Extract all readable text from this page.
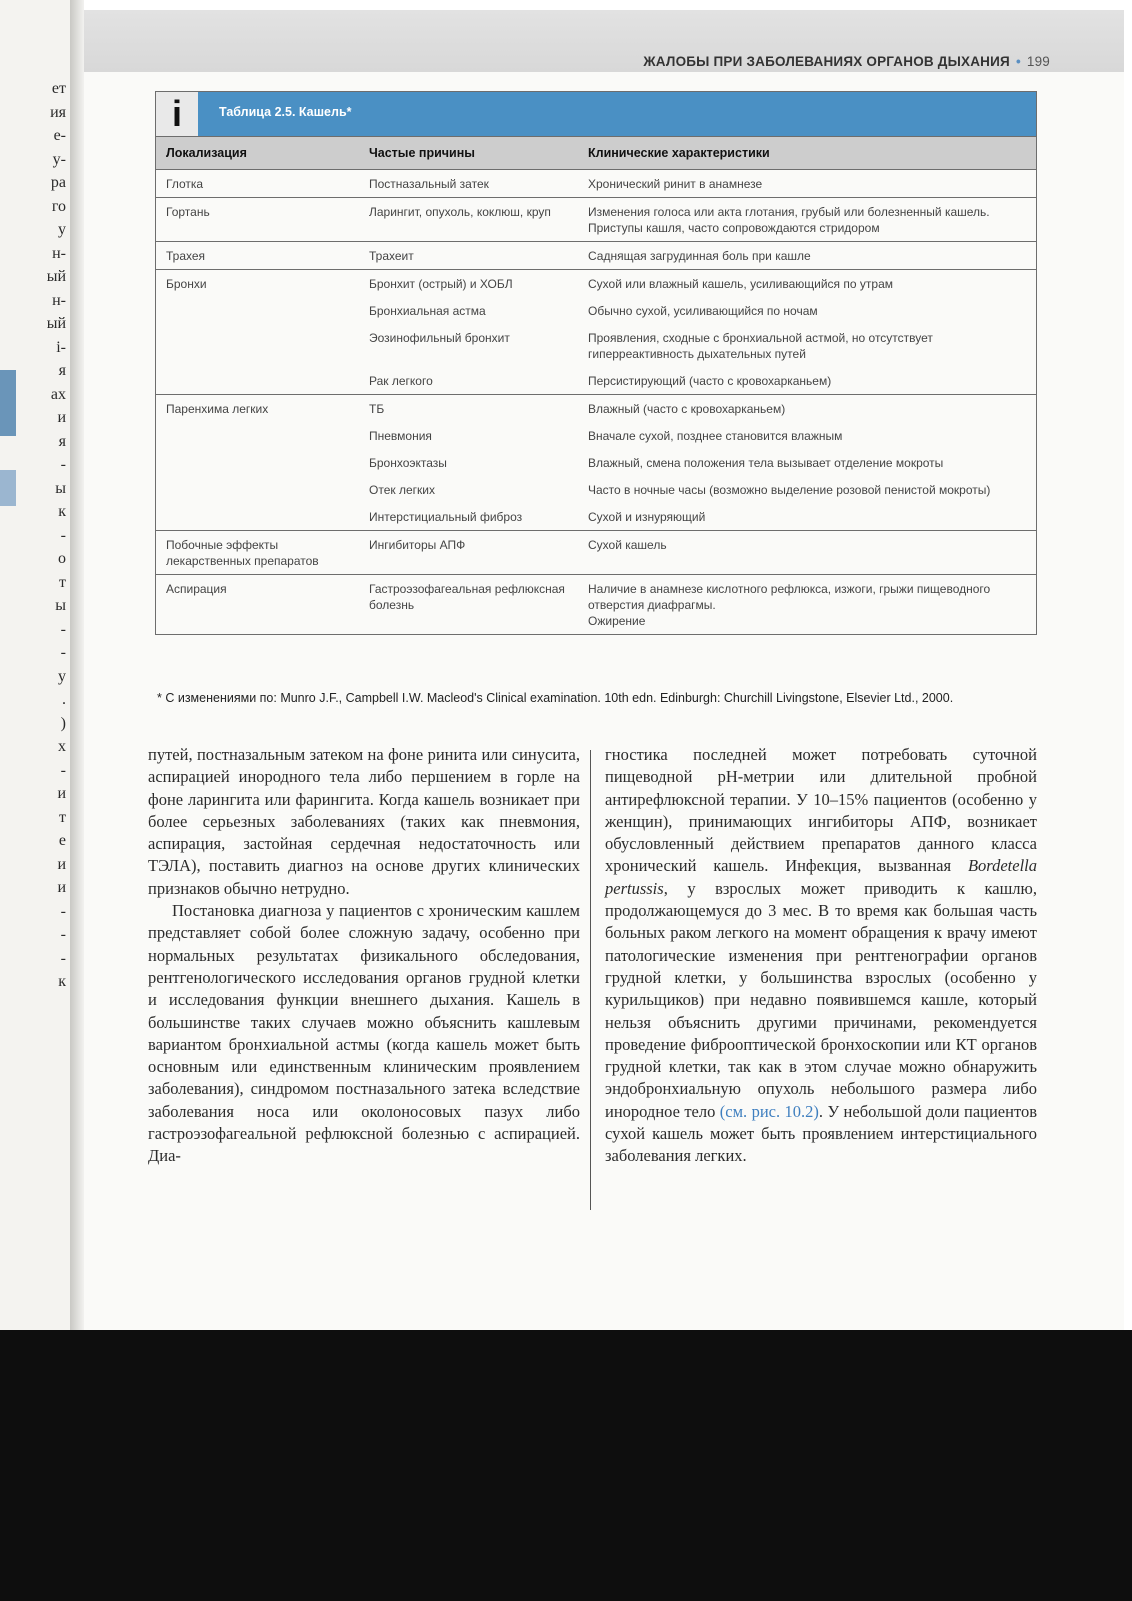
ет
ия
е-
у-
ра
го
у
н-
ый
н-
ый
і-
я
ах
и
я
-
ы
к
-
о
т
ы
-
-
у
.
)
х
-
и
т
е
и
и
-
-
-
к
ЖАЛОБЫ ПРИ ЗАБОЛЕВАНИЯХ ОРГАНОВ ДЫХАНИЯ • 199
i	Таблица 2.5. Кашель*
Локализация	Частые причины	Клинические характеристики
Глотка	Постназальный затек	Хронический ринит в анамнезе
Гортань	Ларингит, опухоль, коклюш, круп	Изменения голоса или акта глотания, грубый или болезненный кашель. Приступы кашля, часто сопровождаются стридором
Трахея	Трахеит	Саднящая загрудинная боль при кашле
Бронхи	Бронхит (острый) и ХОБЛ	Сухой или влажный кашель, усиливающийся по утрам
	Бронхиальная астма	Обычно сухой, усиливающийся по ночам
	Эозинофильный бронхит	Проявления, сходные с бронхиальной астмой, но отсутствует гиперреактивность дыхательных путей
	Рак легкого	Персистирующий (часто с кровохарканьем)
Паренхима легких	ТБ	Влажный (часто с кровохарканьем)
	Пневмония	Вначале сухой, позднее становится влажным
	Бронхоэктазы	Влажный, смена положения тела вызывает отделение мокроты
	Отек легких	Часто в ночные часы (возможно выделение розовой пенистой мокроты)
	Интерстициальный фиброз	Сухой и изнуряющий
Побочные эффекты лекарственных препаратов	Ингибиторы АПФ	Сухой кашель
Аспирация	Гастроэзофагеальная рефлюксная болезнь	Наличие в анамнезе кислотного рефлюкса, изжоги, грыжи пищеводного отверстия диафрагмы.
Ожирение
* С изменениями по: Munro J.F., Campbell I.W. Macleod's Clinical examination. 10th edn. Edinburgh: Churchill Livingstone, Elsevier Ltd., 2000.

путей, постназальным затеком на фоне ринита или синусита, аспирацией инородного тела либо першением в горле на фоне ларингита или фарингита. Когда кашель возникает при более серьезных заболеваниях (таких как пневмония, аспирация, застойная сердечная недостаточность или ТЭЛА), поставить диагноз на основе других клинических признаков обычно нетрудно.

Постановка диагноза у пациентов с хроническим кашлем представляет собой более сложную задачу, особенно при нормальных результатах физикального обследования, рентгенологического исследования органов грудной клетки и исследования функции внешнего дыхания. Кашель в большинстве таких случаев можно объяснить кашлевым вариантом бронхиальной астмы (когда кашель может быть основным или единственным клиническим проявлением заболевания), синдромом постназального затека вследствие заболевания носа или околоносовых пазух либо гастроэзофагеальной рефлюксной болезнью с аспирацией. Диа-

гностика последней может потребовать суточной пищеводной pH-метрии или длительной пробной антирефлюксной терапии. У 10–15% пациентов (особенно у женщин), принимающих ингибиторы АПФ, возникает обусловленный действием препаратов данного класса хронический кашель. Инфекция, вызванная Bordetella pertussis, у взрослых может приводить к кашлю, продолжающемуся до 3 мес. В то время как большая часть больных раком легкого на момент обращения к врачу имеют патологические изменения при рентгенографии органов грудной клетки, у большинства взрослых (особенно у курильщиков) при недавно появившемся кашле, который нельзя объяснить другими причинами, рекомендуется проведение фиброоптической бронхоскопии или КТ органов грудной клетки, так как в этом случае можно обнаружить эндобронхиальную опухоль небольшого размера либо инородное тело (см. рис. 10.2). У небольшой доли пациентов сухой кашель может быть проявлением интерстициального заболевания легких.
